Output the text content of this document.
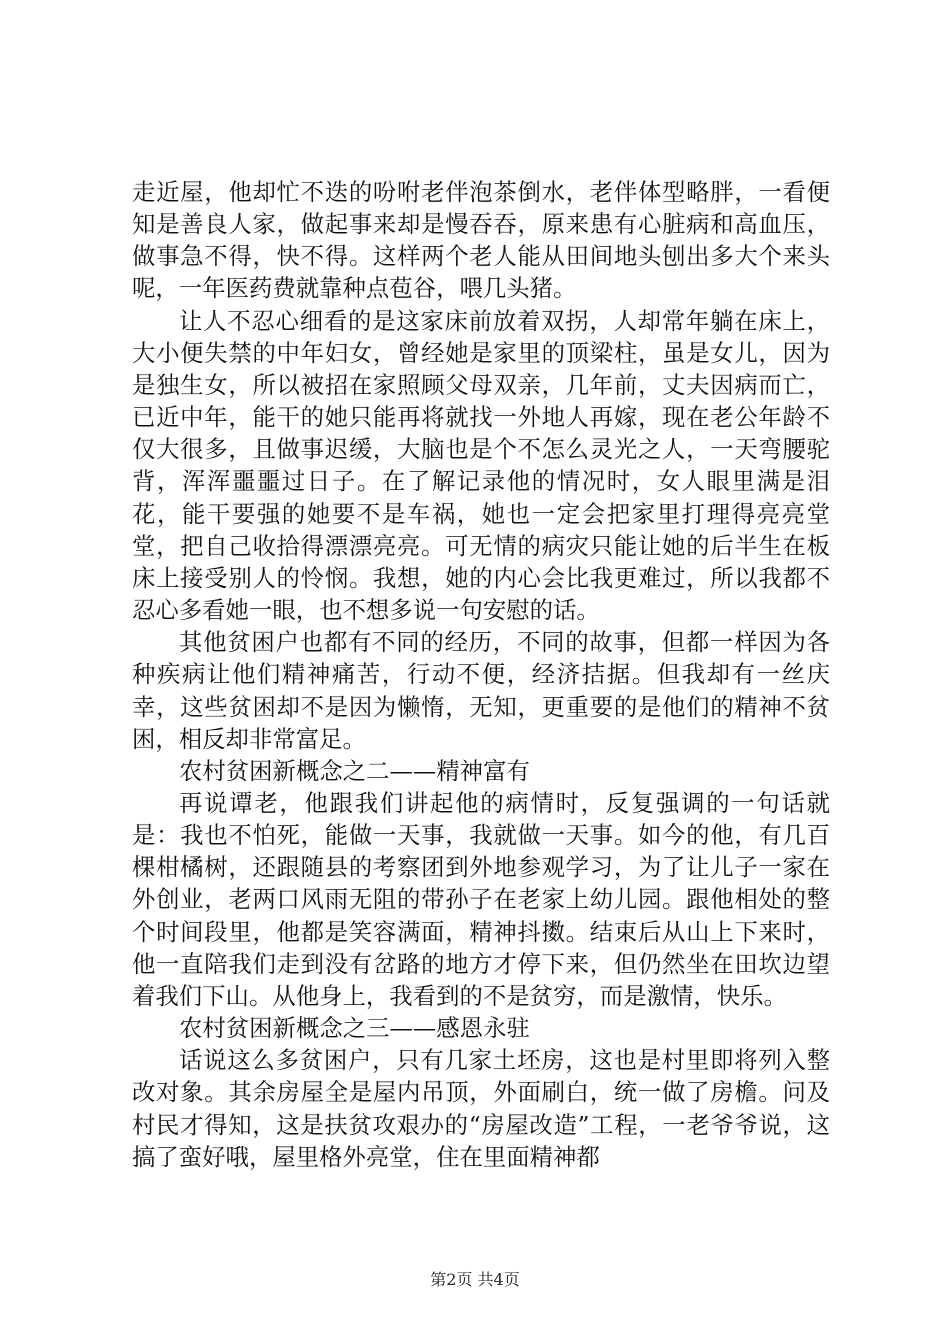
走近屋，他却忙不迭的吩咐老伴泡茶倒水，老伴体型略胖，一看便知是善良人家，做起事来却是慢吞吞，原来患有心脏病和高血压，做事急不得，快不得。这样两个老人能从田间地头刨出多大个来头呢，一年医药费就靠种点苞谷，喂几头猪。

让人不忍心细看的是这家床前放着双拐，人却常年躺在床上，大小便失禁的中年妇女，曾经她是家里的顶梁柱，虽是女儿，因为是独生女，所以被招在家照顾父母双亲，几年前，丈夫因病而亡，已近中年，能干的她只能再将就找一外地人再嫁，现在老公年龄不仅大很多，且做事迟缓，大脑也是个不怎么灵光之人，一天弯腰驼背，浑浑噩噩过日子。在了解记录他的情况时，女人眼里满是泪花，能干要强的她要不是车祸，她也一定会把家里打理得亮亮堂堂，把自己收拾得漂漂亮亮。可无情的病灾只能让她的后半生在板床上接受别人的怜悯。我想，她的内心会比我更难过，所以我都不忍心多看她一眼，也不想多说一句安慰的话。

其他贫困户也都有不同的经历，不同的故事，但都一样因为各种疾病让他们精神痛苦，行动不便，经济拮据。但我却有一丝庆幸，这些贫困却不是因为懒惰，无知，更重要的是他们的精神不贫困，相反却非常富足。

农村贫困新概念之二——精神富有

再说谭老，他跟我们讲起他的病情时，反复强调的一句话就是：我也不怕死，能做一天事，我就做一天事。如今的他，有几百棵柑橘树，还跟随县的考察团到外地参观学习，为了让儿子一家在外创业，老两口风雨无阻的带孙子在老家上幼儿园。跟他相处的整个时间段里，他都是笑容满面，精神抖擞。结束后从山上下来时，他一直陪我们走到没有岔路的地方才停下来，但仍然坐在田坎边望着我们下山。从他身上，我看到的不是贫穷，而是激情，快乐。

农村贫困新概念之三——感恩永驻

话说这么多贫困户，只有几家土坯房，这也是村里即将列入整改对象。其余房屋全是屋内吊顶，外面刷白，统一做了房檐。问及村民才得知，这是扶贫攻艰办的“房屋改造”工程，一老爷爷说，这搞了蛮好哦，屋里格外亮堂，住在里面精神都

第2页 共4页
